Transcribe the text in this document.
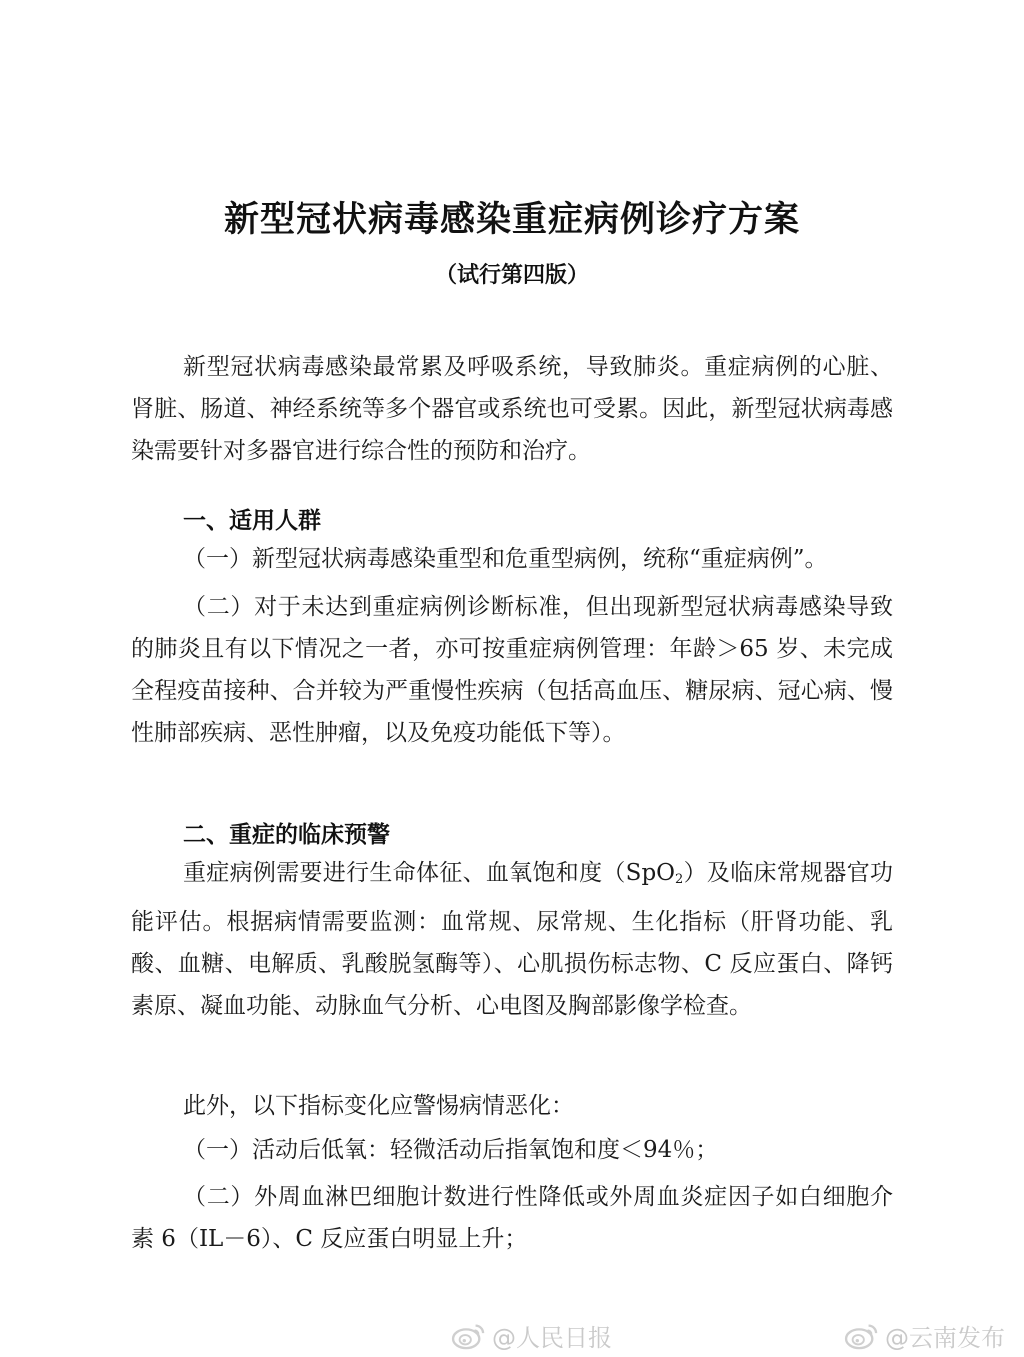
新型冠状病毒感染重症病例诊疗方案
（试行第四版）

新型冠状病毒感染最常累及呼吸系统，导致肺炎。重症病例的心脏、肾脏、肠道、神经系统等多个器官或系统也可受累。因此，新型冠状病毒感染需要针对多器官进行综合性的预防和治疗。

一、适用人群

（一）新型冠状病毒感染重型和危重型病例，统称“重症病例”。

（二）对于未达到重症病例诊断标准，但出现新型冠状病毒感染导致的肺炎且有以下情况之一者，亦可按重症病例管理：年龄＞65 岁、未完成全程疫苗接种、合并较为严重慢性疾病（包括高血压、糖尿病、冠心病、慢性肺部疾病、恶性肿瘤，以及免疫功能低下等）。

二、重症的临床预警

重症病例需要进行生命体征、血氧饱和度（SpO$_2$）及临床常规器官功能评估。根据病情需要监测：血常规、尿常规、生化指标（肝肾功能、乳酸、血糖、电解质、乳酸脱氢酶等）、心肌损伤标志物、C 反应蛋白、降钙素原、凝血功能、动脉血气分析、心电图及胸部影像学检查。

此外，以下指标变化应警惕病情恶化：

（一）活动后低氧：轻微活动后指氧饱和度＜94％；

（二）外周血淋巴细胞计数进行性降低或外周血炎症因子如白细胞介素 6（IL－6）、C 反应蛋白明显上升；

@人民日报	@云南发布
